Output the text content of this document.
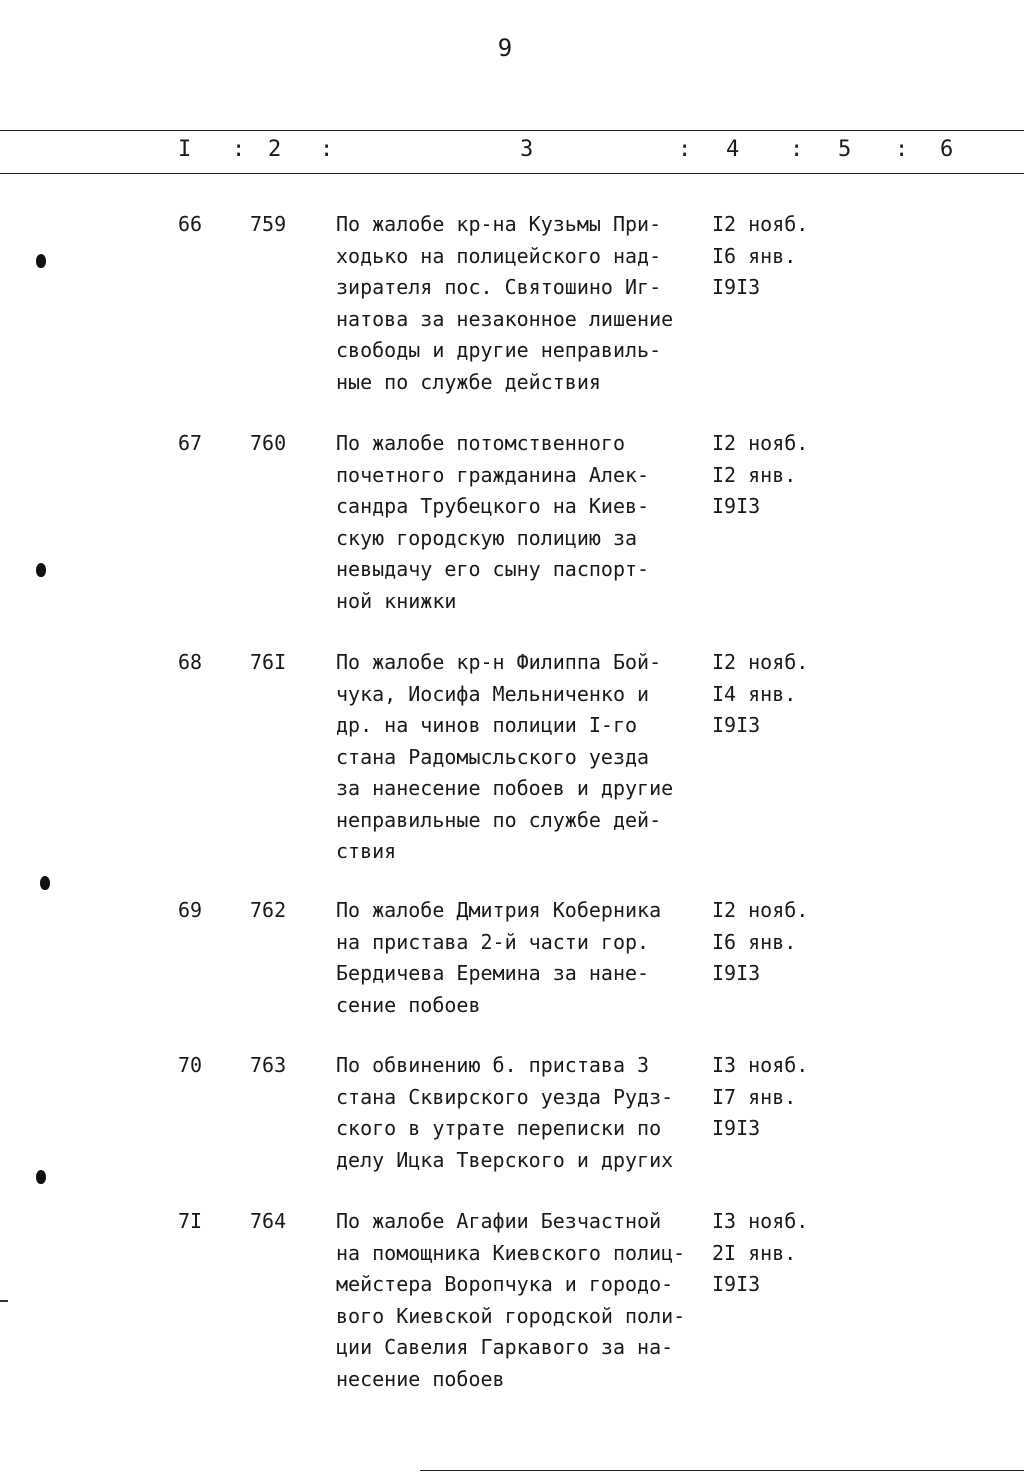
9
I : 2 :	3	: 4 : 5 : 6
66 759 По жалобе кр-на Кузьмы При-
ходько на полицейского над-
зирателя пос. Святошино Иг-
натова за незаконное лишение
свободы и другие неправиль-
ные по службе действия
I2 нояб.
I6 янв.
I9I3
67 760 По жалобе потомственного
почетного гражданина Алек-
сандра Трубецкого на Киев-
скую городскую полицию за
невыдачу его сыну паспорт-
ной книжки
I2 нояб.
I2 янв.
I9I3
68 76I По жалобе кр-н Филиппа Бой-
чука, Иосифа Мельниченко и
др. на чинов полиции I-го
стана Радомысльского уезда
за нанесение побоев и другие
неправильные по службе дей-
ствия
I2 нояб.
I4 янв.
I9I3
69 762 По жалобе Дмитрия Коберника
на пристава 2-й части гор.
Бердичева Еремина за нане-
сение побоев
I2 нояб.
I6 янв.
I9I3
70 763 По обвинению б. пристава 3
стана Сквирского уезда Рудз-
ского в утрате переписки по
делу Ицка Тверского и других
I3 нояб.
I7 янв.
I9I3
7I 764 По жалобе Агафии Безчастной
на помощника Киевского полиц-
мейстера Воропчука и городо-
вого Киевской городской поли-
ции Савелия Гаркавого за на-
несение побоев
I3 нояб.
2I янв.
I9I3
